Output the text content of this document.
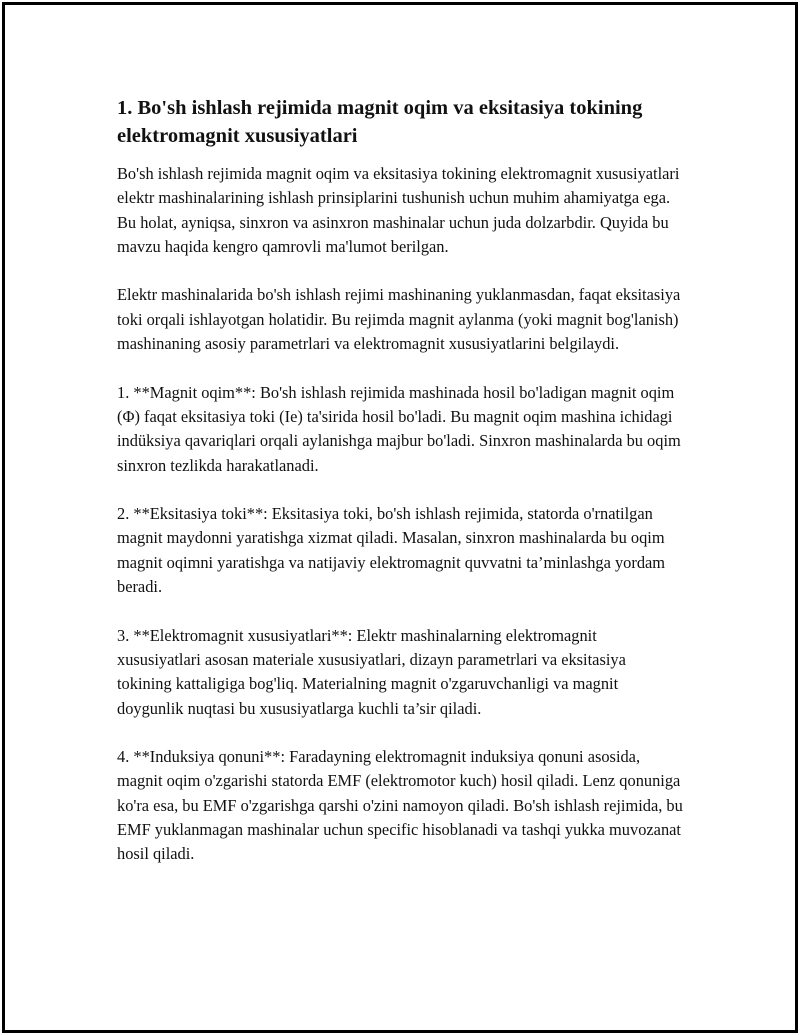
1. Bo'sh ishlash rejimida magnit oqim va eksitasiya tokining elektromagnit xususiyatlari

Bo'sh ishlash rejimida magnit oqim va eksitasiya tokining elektromagnit xususiyatlari elektr mashinalarining ishlash prinsiplarini tushunish uchun muhim ahamiyatga ega. Bu holat, ayniqsa, sinxron va asinxron mashinalar uchun juda dolzarbdir. Quyida bu mavzu haqida kengro qamrovli ma'lumot berilgan.

Elektr mashinalarida bo'sh ishlash rejimi mashinaning yuklanmasdan, faqat eksitasiya toki orqali ishlayotgan holatidir. Bu rejimda magnit aylanma (yoki magnit bog'lanish) mashinaning asosiy parametrlari va elektromagnit xususiyatlarini belgilaydi.

1. **Magnit oqim**: Bo'sh ishlash rejimida mashinada hosil bo'ladigan magnit oqim (Φ) faqat eksitasiya toki (Ie) ta'sirida hosil bo'ladi. Bu magnit oqim mashina ichidagi indüksiya qavariqlari orqali aylanishga majbur bo'ladi. Sinxron mashinalarda bu oqim sinxron tezlikda harakatlanadi.

2. **Eksitasiya toki**: Eksitasiya toki, bo'sh ishlash rejimida, statorda o'rnatilgan magnit maydonni yaratishga xizmat qiladi. Masalan, sinxron mashinalarda bu oqim magnit oqimni yaratishga va natijaviy elektromagnit quvvatni ta’minlashga yordam beradi.

3. **Elektromagnit xususiyatlari**: Elektr mashinalarning elektromagnit xususiyatlari asosan materiale xususiyatlari, dizayn parametrlari va eksitasiya tokining kattaligiga bog'liq. Materialning magnit o'zgaruvchanligi va magnit doygunlik nuqtasi bu xususiyatlarga kuchli ta’sir qiladi.

4. **Induksiya qonuni**: Faradayning elektromagnit induksiya qonuni asosida, magnit oqim o'zgarishi statorda EMF (elektromotor kuch) hosil qiladi. Lenz qonuniga ko'ra esa, bu EMF o'zgarishga qarshi o'zini namoyon qiladi. Bo'sh ishlash rejimida, bu EMF yuklanmagan mashinalar uchun specific hisoblanadi va tashqi yukka muvozanat hosil qiladi.
